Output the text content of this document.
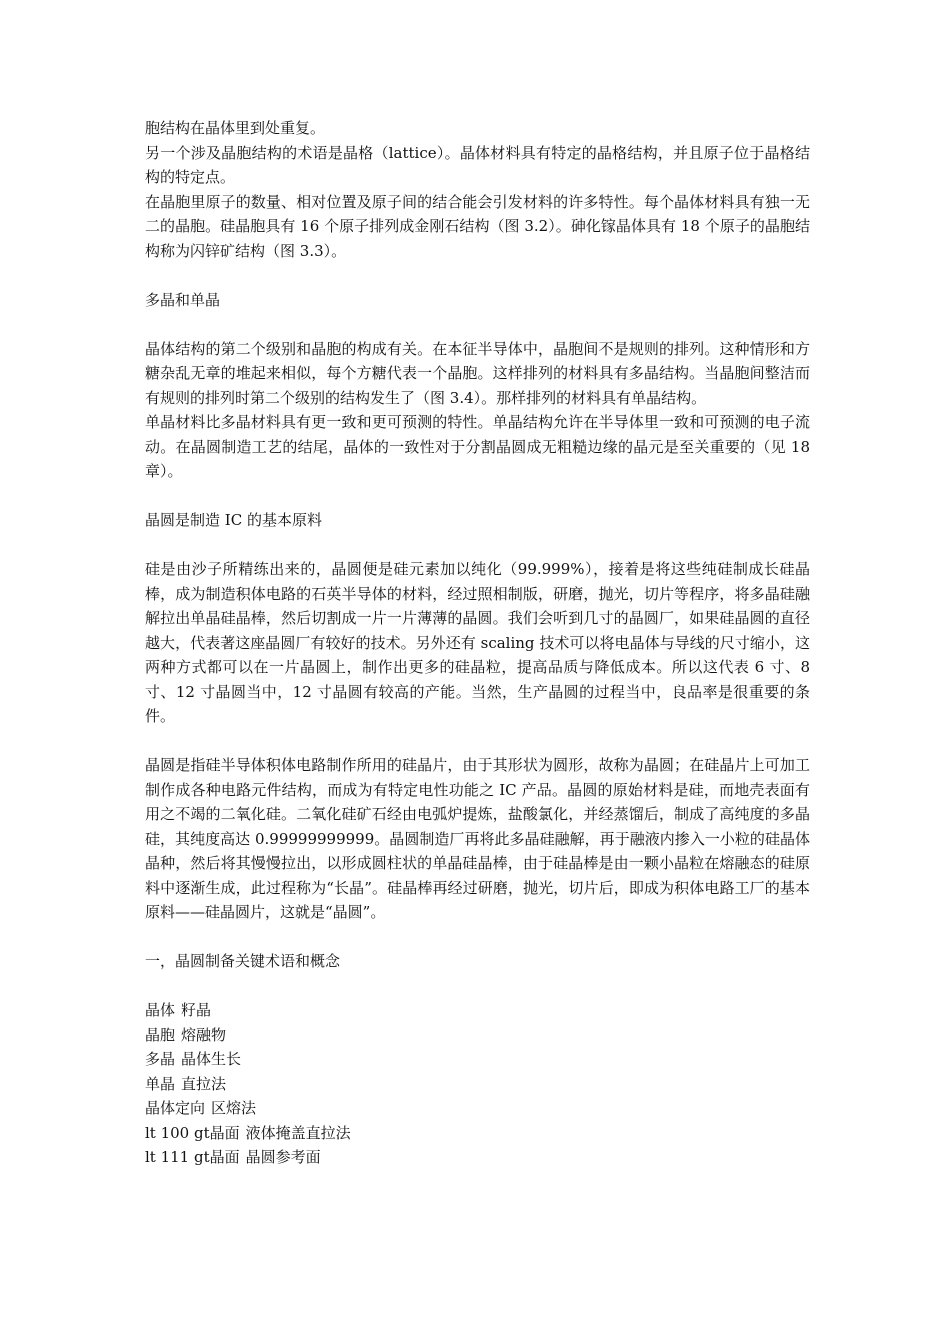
胞结构在晶体里到处重复。

另一个涉及晶胞结构的术语是晶格（lattice）。晶体材料具有特定的晶格结构，并且原子位于晶格结构的特定点。

在晶胞里原子的数量、相对位置及原子间的结合能会引发材料的许多特性。每个晶体材料具有独一无二的晶胞。硅晶胞具有 16 个原子排列成金刚石结构（图 3.2）。砷化镓晶体具有 18 个原子的晶胞结构称为闪锌矿结构（图 3.3）。

多晶和单晶

晶体结构的第二个级别和晶胞的构成有关。在本征半导体中，晶胞间不是规则的排列。这种情形和方糖杂乱无章的堆起来相似，每个方糖代表一个晶胞。这样排列的材料具有多晶结构。当晶胞间整洁而有规则的排列时第二个级别的结构发生了（图 3.4）。那样排列的材料具有单晶结构。

单晶材料比多晶材料具有更一致和更可预测的特性。单晶结构允许在半导体里一致和可预测的电子流动。在晶圆制造工艺的结尾，晶体的一致性对于分割晶圆成无粗糙边缘的晶元是至关重要的（见 18 章）。

晶圆是制造 IC 的基本原料

硅是由沙子所精练出来的，晶圆便是硅元素加以纯化（99.999%），接着是将这些纯硅制成长硅晶棒，成为制造积体电路的石英半导体的材料，经过照相制版，研磨，抛光，切片等程序，将多晶硅融解拉出单晶硅晶棒，然后切割成一片一片薄薄的晶圆。我们会听到几寸的晶圆厂，如果硅晶圆的直径越大，代表著这座晶圆厂有较好的技术。另外还有 scaling 技术可以将电晶体与导线的尺寸缩小，这两种方式都可以在一片晶圆上，制作出更多的硅晶粒，提高品质与降低成本。所以这代表 6 寸、8 寸、12 寸晶圆当中，12 寸晶圆有较高的产能。当然，生产晶圆的过程当中，良品率是很重要的条件。

晶圆是指硅半导体积体电路制作所用的硅晶片，由于其形状为圆形，故称为晶圆；在硅晶片上可加工制作成各种电路元件结构，而成为有特定电性功能之 IC 产品。晶圆的原始材料是硅，而地壳表面有用之不竭的二氧化硅。二氧化硅矿石经由电弧炉提炼，盐酸氯化，并经蒸馏后，制成了高纯度的多晶硅，其纯度高达 0.99999999999。晶圆制造厂再将此多晶硅融解，再于融液内掺入一小粒的硅晶体晶种，然后将其慢慢拉出，以形成圆柱状的单晶硅晶棒，由于硅晶棒是由一颗小晶粒在熔融态的硅原料中逐渐生成，此过程称为“长晶”。硅晶棒再经过研磨，抛光，切片后，即成为积体电路工厂的基本原料——硅晶圆片，这就是“晶圆”。

一，晶圆制备关键术语和概念

晶体 籽晶

晶胞 熔融物

多晶 晶体生长

单晶 直拉法

晶体定向 区熔法

lt 100 gt晶面 液体掩盖直拉法

lt 111 gt晶面 晶圆参考面
